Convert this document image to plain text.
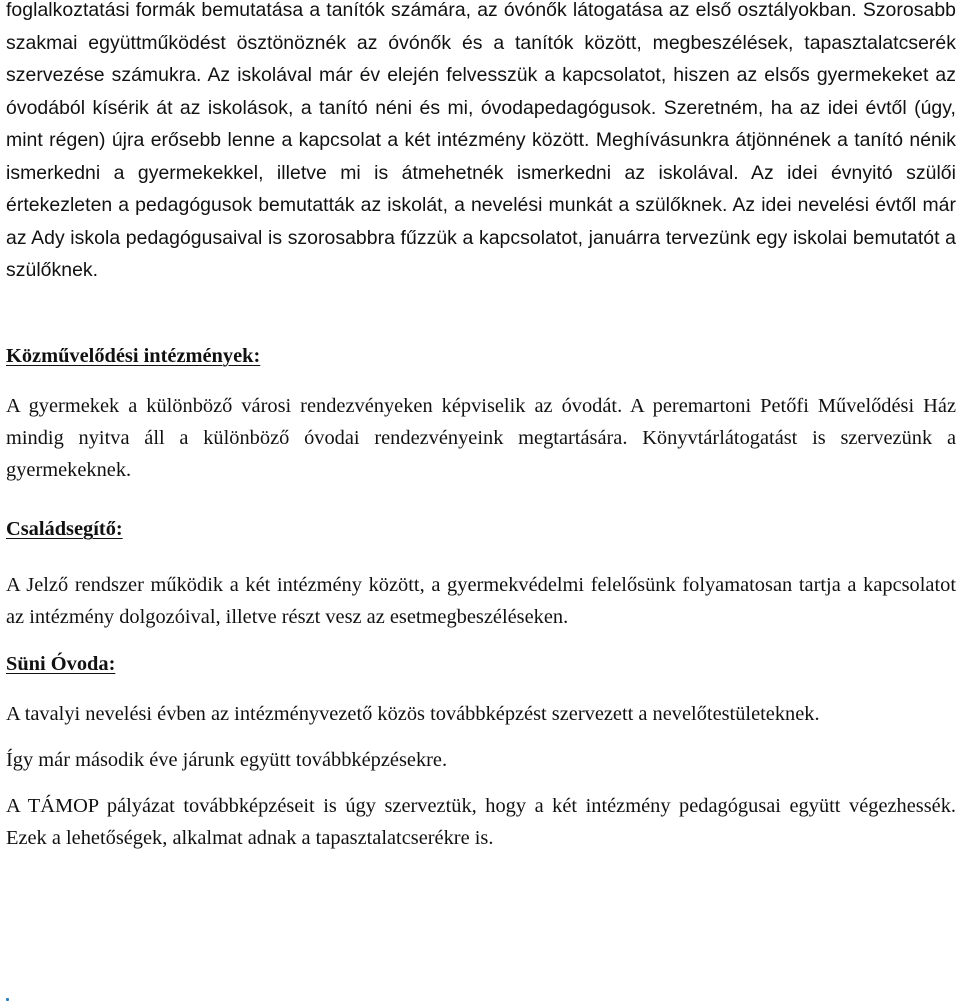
foglalkoztatási formák bemutatása a tanítók számára, az óvónők látogatása az első osztályokban. Szorosabb szakmai együttműködést ösztönöznék az óvónők és a tanítók között, megbeszélések, tapasztalatcserék szervezése számukra. Az iskolával már év elején felvesszük a kapcsolatot, hiszen az elsős gyermekeket az óvodából kísérik át az iskolások, a tanító néni és mi, óvodapedagógusok. Szeretném, ha az idei évtől (úgy, mint régen) újra erősebb lenne a kapcsolat a két intézmény között. Meghívásunkra átjönnének a tanító nénik ismerkedni a gyermekekkel, illetve mi is átmehetnék ismerkedni az iskolával. Az idei évnyitó szülői értekezleten a pedagógusok bemutatták az iskolát, a nevelési munkát a szülőknek. Az idei nevelési évtől már az Ady iskola pedagógusaival is szorosabbra fűzzük a kapcsolatot, januárra tervezünk egy iskolai bemutatót a szülőknek.

Közművelődési intézmények:

A gyermekek a különböző városi rendezvényeken képviselik az óvodát. A peremartoni Petőfi Művelődési Ház mindig nyitva áll a különböző óvodai rendezvényeink megtartására. Könyvtárlátogatást is szervezünk a gyermekeknek.

Családsegítő:

A Jelző rendszer működik a két intézmény között, a gyermekvédelmi felelősünk folyamatosan tartja a kapcsolatot az intézmény dolgozóival, illetve részt vesz az esetmegbeszéléseken.

Süni Óvoda:

A tavalyi nevelési évben az intézményvezető közös továbbképzést szervezett a nevelőtestületeknek.

Így már második éve járunk együtt továbbképzésekre.

A TÁMOP pályázat továbbképzéseit is úgy szerveztük, hogy a két intézmény pedagógusai együtt végezhessék. Ezek a lehetőségek, alkalmat adnak a tapasztalatcserékre is.
